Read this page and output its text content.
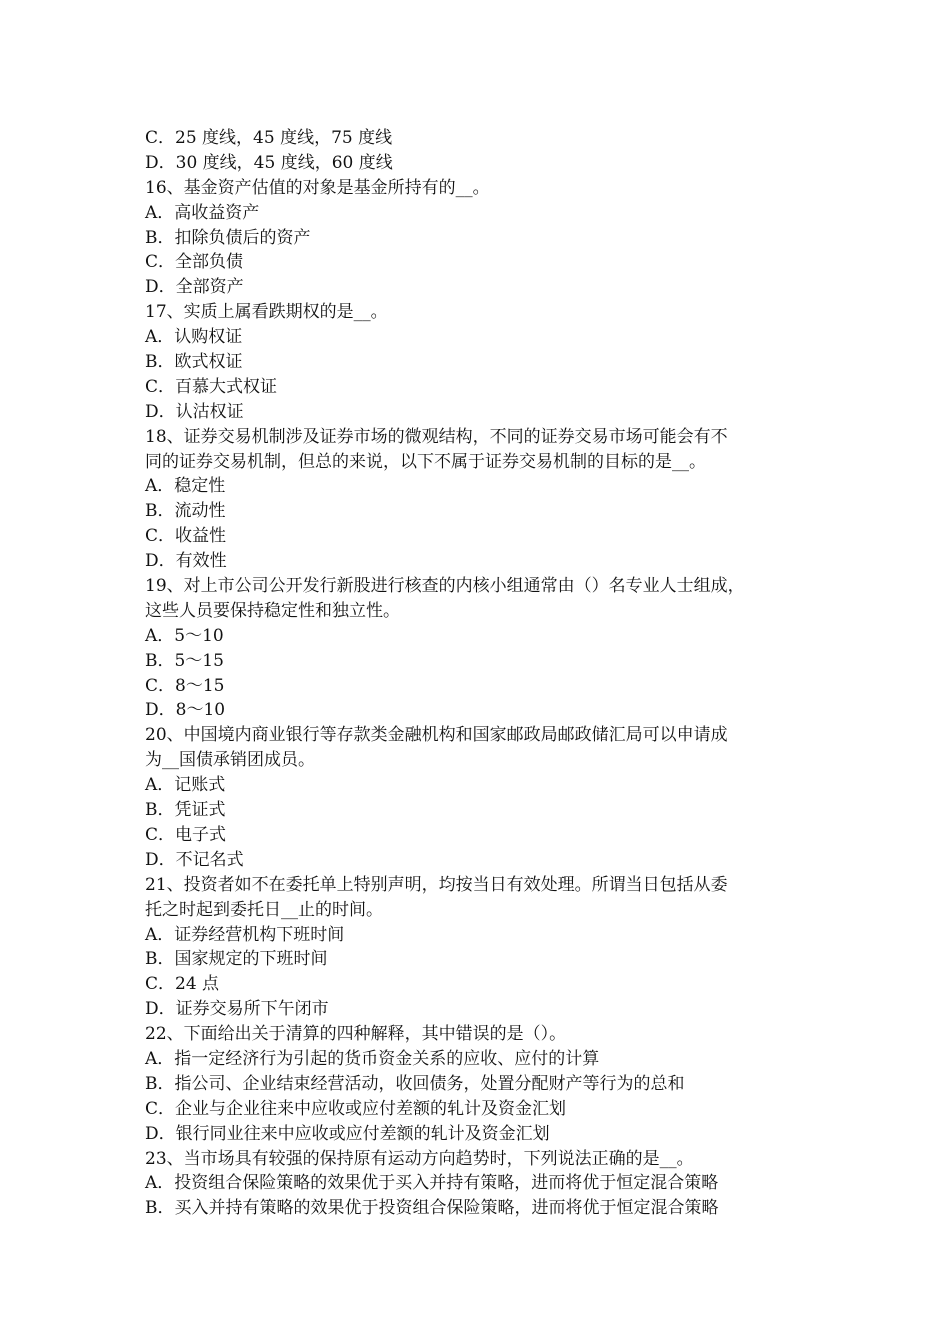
C．25 度线，45 度线，75 度线
D．30 度线，45 度线，60 度线
16、基金资产估值的对象是基金所持有的__。
A．高收益资产
B．扣除负债后的资产
C．全部负债
D．全部资产
17、实质上属看跌期权的是__。
A．认购权证
B．欧式权证
C．百慕大式权证
D．认沽权证
18、证券交易机制涉及证券市场的微观结构，不同的证券交易市场可能会有不
同的证券交易机制，但总的来说，以下不属于证券交易机制的目标的是__。
A．稳定性
B．流动性
C．收益性
D．有效性
19、对上市公司公开发行新股进行核查的内核小组通常由（）名专业人士组成，
这些人员要保持稳定性和独立性。
A．5～10
B．5～15
C．8～15
D．8～10
20、中国境内商业银行等存款类金融机构和国家邮政局邮政储汇局可以申请成
为__国债承销团成员。
A．记账式
B．凭证式
C．电子式
D．不记名式
21、投资者如不在委托单上特别声明，均按当日有效处理。所谓当日包括从委
托之时起到委托日__止的时间。
A．证券经营机构下班时间
B．国家规定的下班时间
C．24 点
D．证券交易所下午闭市
22、下面给出关于清算的四种解释，其中错误的是（）。
A．指一定经济行为引起的货币资金关系的应收、应付的计算
B．指公司、企业结束经营活动，收回债务，处置分配财产等行为的总和
C．企业与企业往来中应收或应付差额的轧计及资金汇划
D．银行同业往来中应收或应付差额的轧计及资金汇划
23、当市场具有较强的保持原有运动方向趋势时，下列说法正确的是__。
A．投资组合保险策略的效果优于买入并持有策略，进而将优于恒定混合策略
B．买入并持有策略的效果优于投资组合保险策略，进而将优于恒定混合策略
